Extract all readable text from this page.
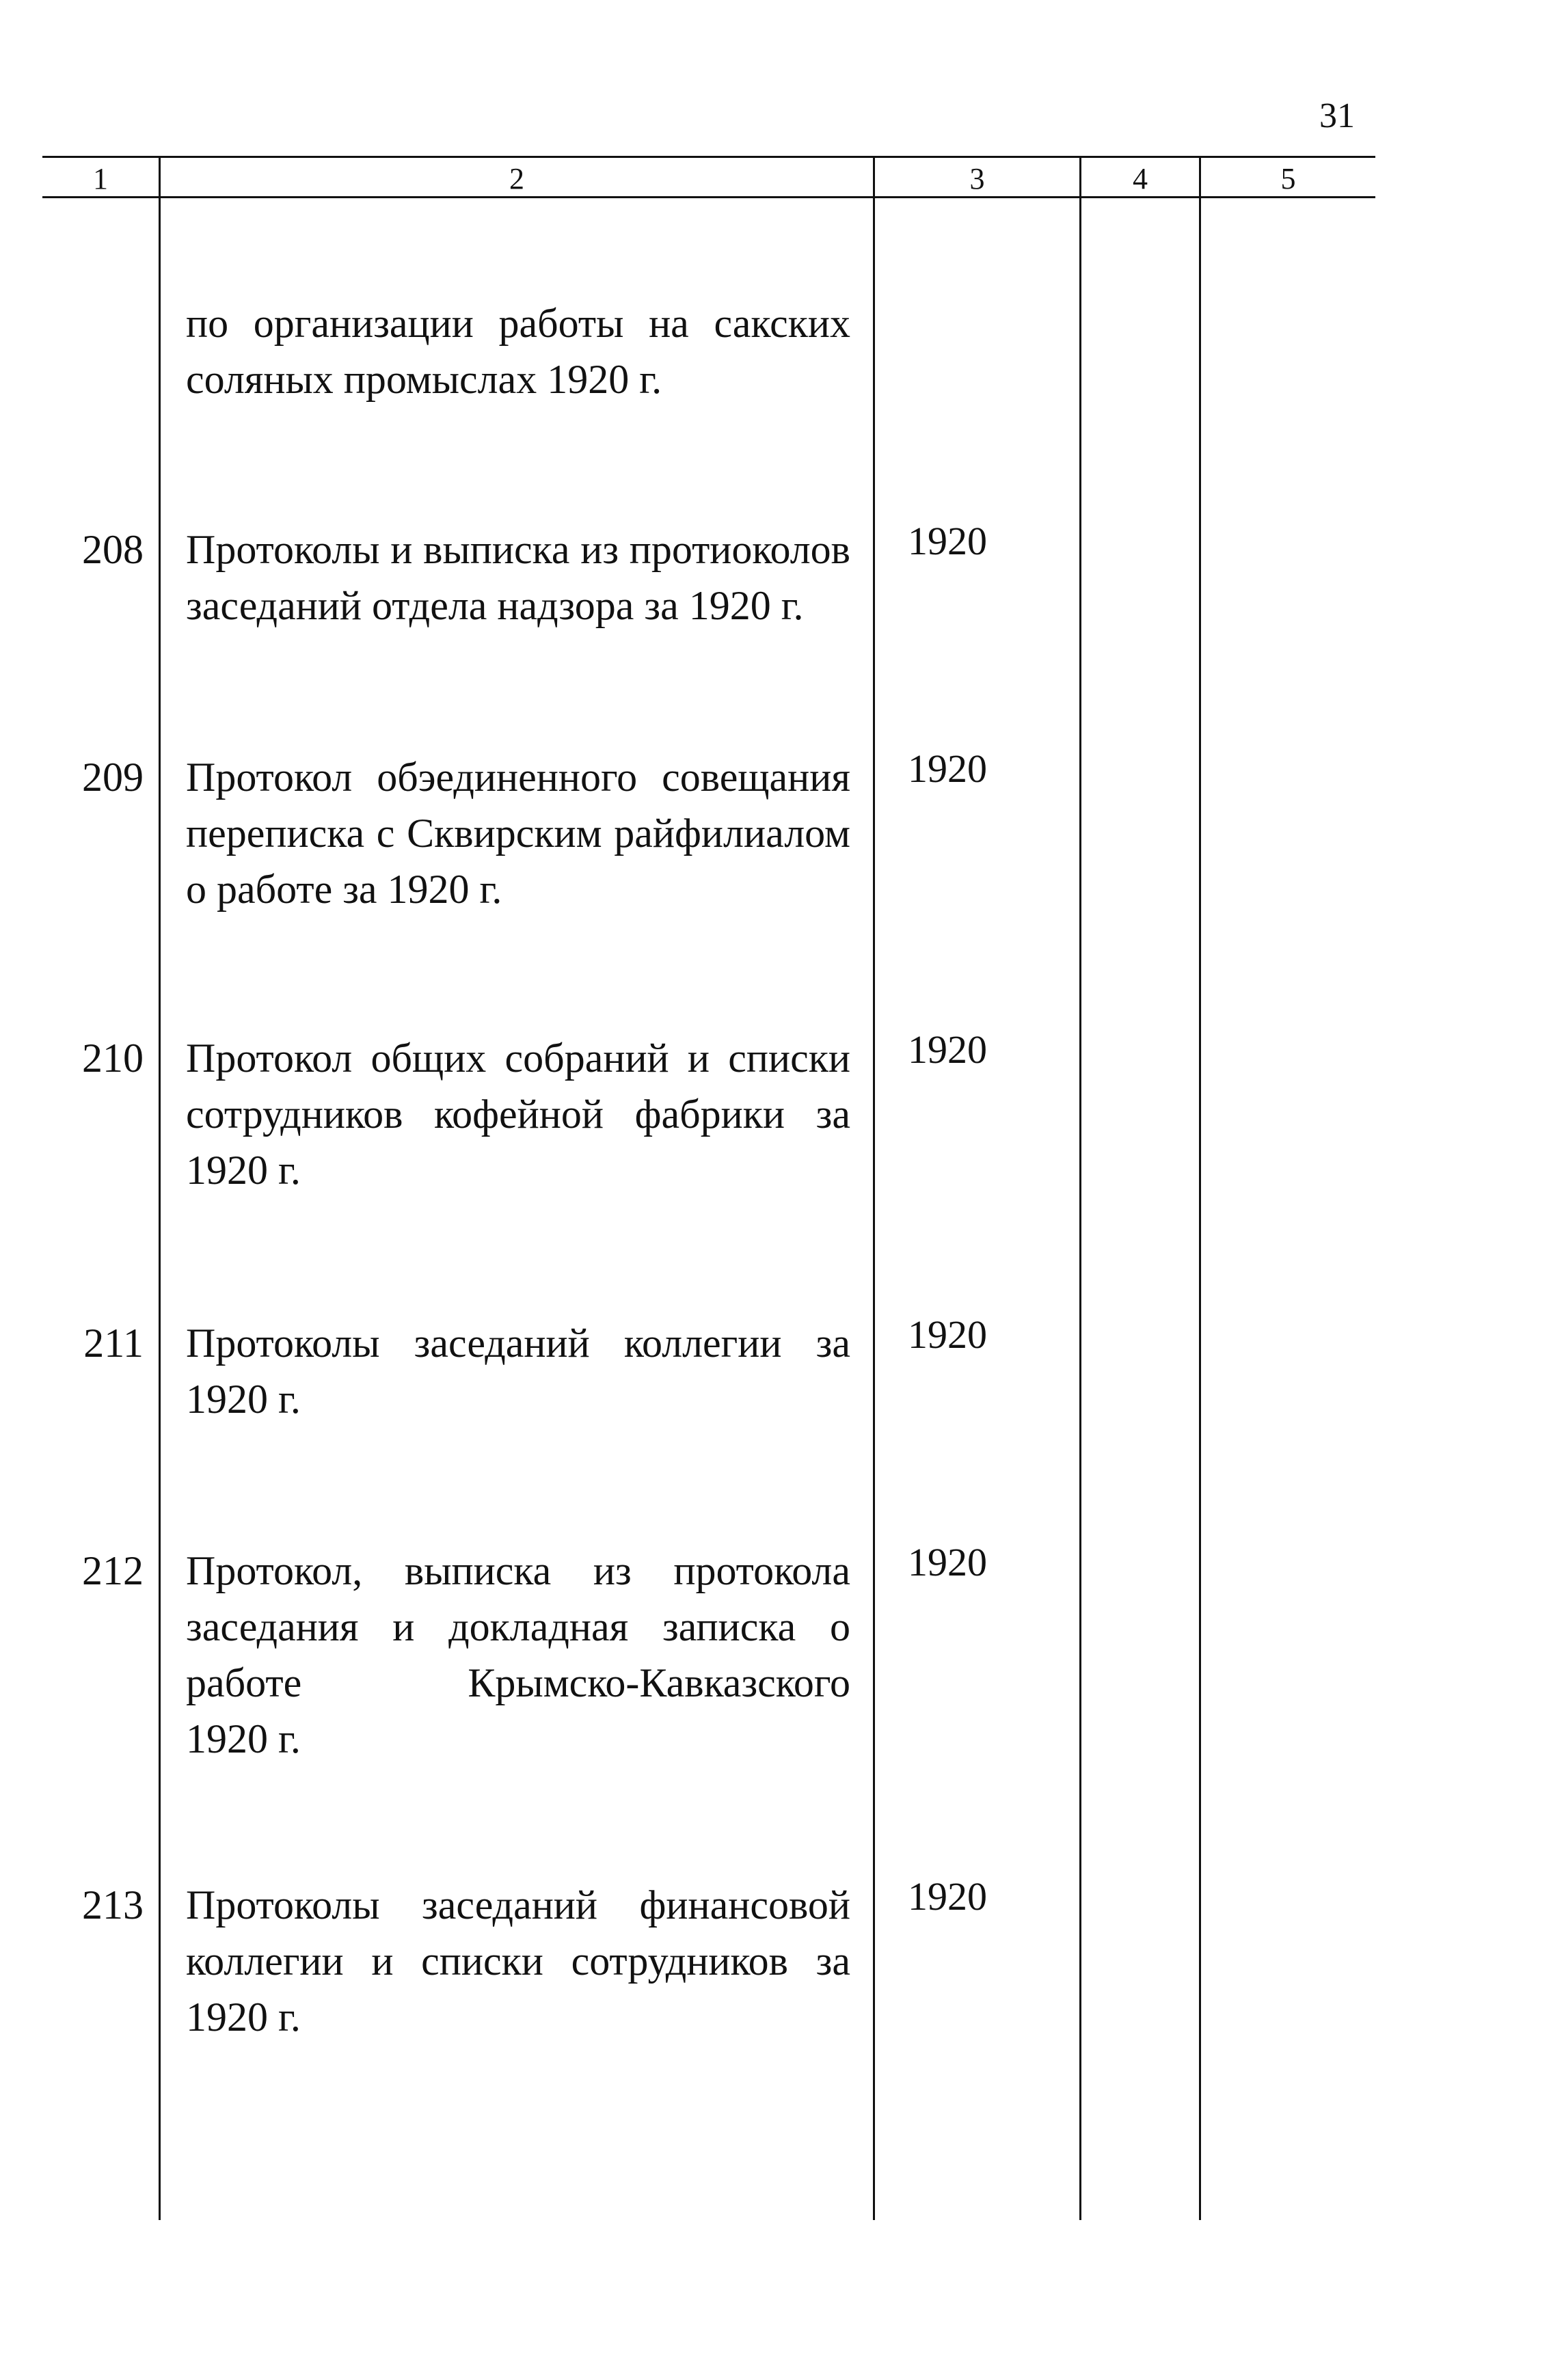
31
1	2	3	4	5
по организации работы на сакских
соляных промыслах 1920 г.
208 Протоколы и выписка из протиоколов
заседаний отдела надзора за 1920 г.
1920
209 Протокол обэединенного совещания
переписка с Сквирским райфилиалом
о работе за 1920 г.
1920
210 Протокол общих собраний и списки
сотрудников кофейной фабрики за
1920 г.
1920
211 Протоколы заседаний коллегии за
1920 г.
1920
212 Протокол, выписка из протокола
заседания и докладная записка о
работе Крымско-Кавказского
1920 г.
1920
213 Протоколы заседаний финансовой
коллегии и списки сотрудников за
1920 г.
1920
